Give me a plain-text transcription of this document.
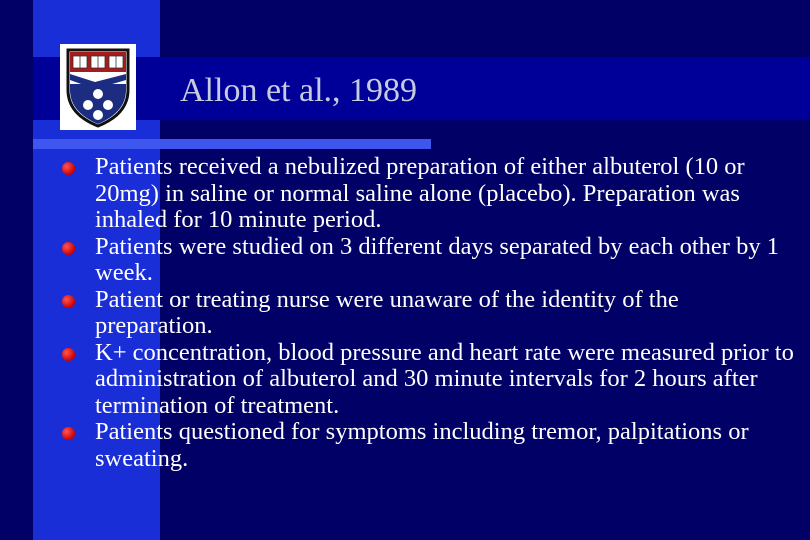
Allon et al., 1989
Patients received a nebulized preparation of either albuterol (10 or 20mg) in saline or normal saline alone (placebo). Preparation was inhaled for 10 minute period.
Patients were studied on 3 different days separated by each other by 1 week.
Patient or treating nurse were unaware of the identity of the preparation.
K+ concentration, blood pressure and heart rate were measured prior to administration of albuterol and 30 minute intervals for 2 hours after termination of treatment.
Patients questioned for symptoms including tremor, palpitations or sweating.
